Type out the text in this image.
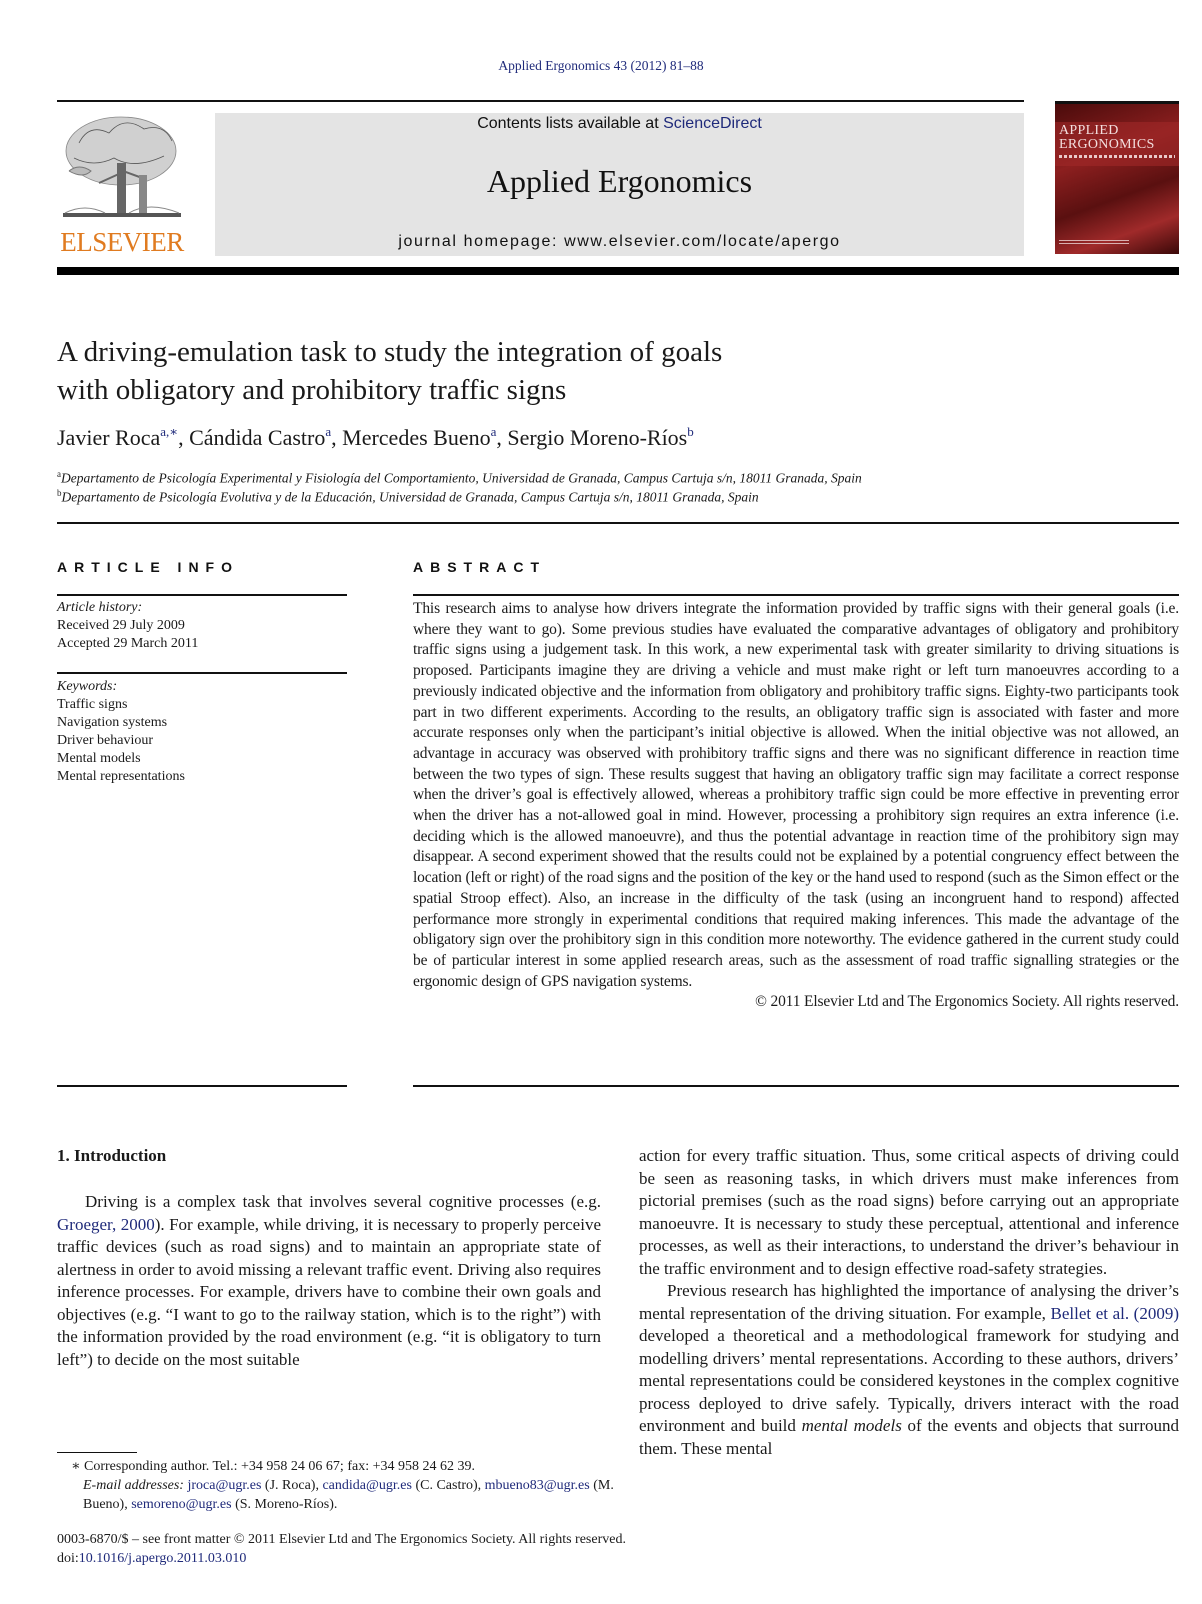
Applied Ergonomics 43 (2012) 81–88
ELSEVIER
Contents lists available at ScienceDirect
Applied Ergonomics
journal homepage: www.elsevier.com/locate/apergo
APPLIED
ERGONOMICS
A driving-emulation task to study the integration of goals
with obligatory and prohibitory traffic signs
Javier Roca$^{a,∗}$, Cándida Castro$^a$, Mercedes Bueno$^a$, Sergio Moreno-Ríos$^b$
$^a$Departamento de Psicología Experimental y Fisiología del Comportamiento, Universidad de Granada, Campus Cartuja s/n, 18011 Granada, Spain
$^b$Departamento de Psicología Evolutiva y de la Educación, Universidad de Granada, Campus Cartuja s/n, 18011 Granada, Spain
ARTICLE INFO	ABSTRACT
Article history:
Received 29 July 2009
Accepted 29 March 2011
Keywords:
Traffic signs
Navigation systems
Driver behaviour
Mental models
Mental representations
This research aims to analyse how drivers integrate the information provided by traffic signs with their general goals (i.e. where they want to go). Some previous studies have evaluated the comparative advantages of obligatory and prohibitory traffic signs using a judgement task. In this work, a new experimental task with greater similarity to driving situations is proposed. Participants imagine they are driving a vehicle and must make right or left turn manoeuvres according to a previously indicated objective and the information from obligatory and prohibitory traffic signs. Eighty-two participants took part in two different experiments. According to the results, an obligatory traffic sign is associated with faster and more accurate responses only when the participant’s initial objective is allowed. When the initial objective was not allowed, an advantage in accuracy was observed with prohibitory traffic signs and there was no significant difference in reaction time between the two types of sign. These results suggest that having an obligatory traffic sign may facilitate a correct response when the driver’s goal is effectively allowed, whereas a prohibitory traffic sign could be more effective in preventing error when the driver has a not-allowed goal in mind. However, processing a prohibitory sign requires an extra inference (i.e. deciding which is the allowed manoeuvre), and thus the potential advantage in reaction time of the prohibitory sign may disappear. A second experiment showed that the results could not be explained by a potential congruency effect between the location (left or right) of the road signs and the position of the key or the hand used to respond (such as the Simon effect or the spatial Stroop effect). Also, an increase in the difficulty of the task (using an incongruent hand to respond) affected performance more strongly in experimental conditions that required making inferences. This made the advantage of the obligatory sign over the prohibitory sign in this condition more noteworthy. The evidence gathered in the current study could be of particular interest in some applied research areas, such as the assessment of road traffic signalling strategies or the ergonomic design of GPS navigation systems.
© 2011 Elsevier Ltd and The Ergonomics Society. All rights reserved.
1. Introduction
Driving is a complex task that involves several cognitive processes (e.g. Groeger, 2000). For example, while driving, it is necessary to properly perceive traffic devices (such as road signs) and to maintain an appropriate state of alertness in order to avoid missing a relevant traffic event. Driving also requires inference processes. For example, drivers have to combine their own goals and objectives (e.g. “I want to go to the railway station, which is to the right”) with the information provided by the road environment (e.g. “it is obligatory to turn left”) to decide on the most suitable
action for every traffic situation. Thus, some critical aspects of driving could be seen as reasoning tasks, in which drivers must make inferences from pictorial premises (such as the road signs) before carrying out an appropriate manoeuvre. It is necessary to study these perceptual, attentional and inference processes, as well as their interactions, to understand the driver’s behaviour in the traffic environment and to design effective road-safety strategies.
Previous research has highlighted the importance of analysing the driver’s mental representation of the driving situation. For example, Bellet et al. (2009) developed a theoretical and a methodological framework for studying and modelling drivers’ mental representations. According to these authors, drivers’ mental representations could be considered keystones in the complex cognitive process deployed to drive safely. Typically, drivers interact with the road environment and build mental models of the events and objects that surround them. These mental
∗ Corresponding author. Tel.: +34 958 24 06 67; fax: +34 958 24 62 39.
E-mail addresses: jroca@ugr.es (J. Roca), candida@ugr.es (C. Castro), mbueno83@ugr.es (M. Bueno), semoreno@ugr.es (S. Moreno-Ríos).
0003-6870/$ – see front matter © 2011 Elsevier Ltd and The Ergonomics Society. All rights reserved.
doi:10.1016/j.apergo.2011.03.010
